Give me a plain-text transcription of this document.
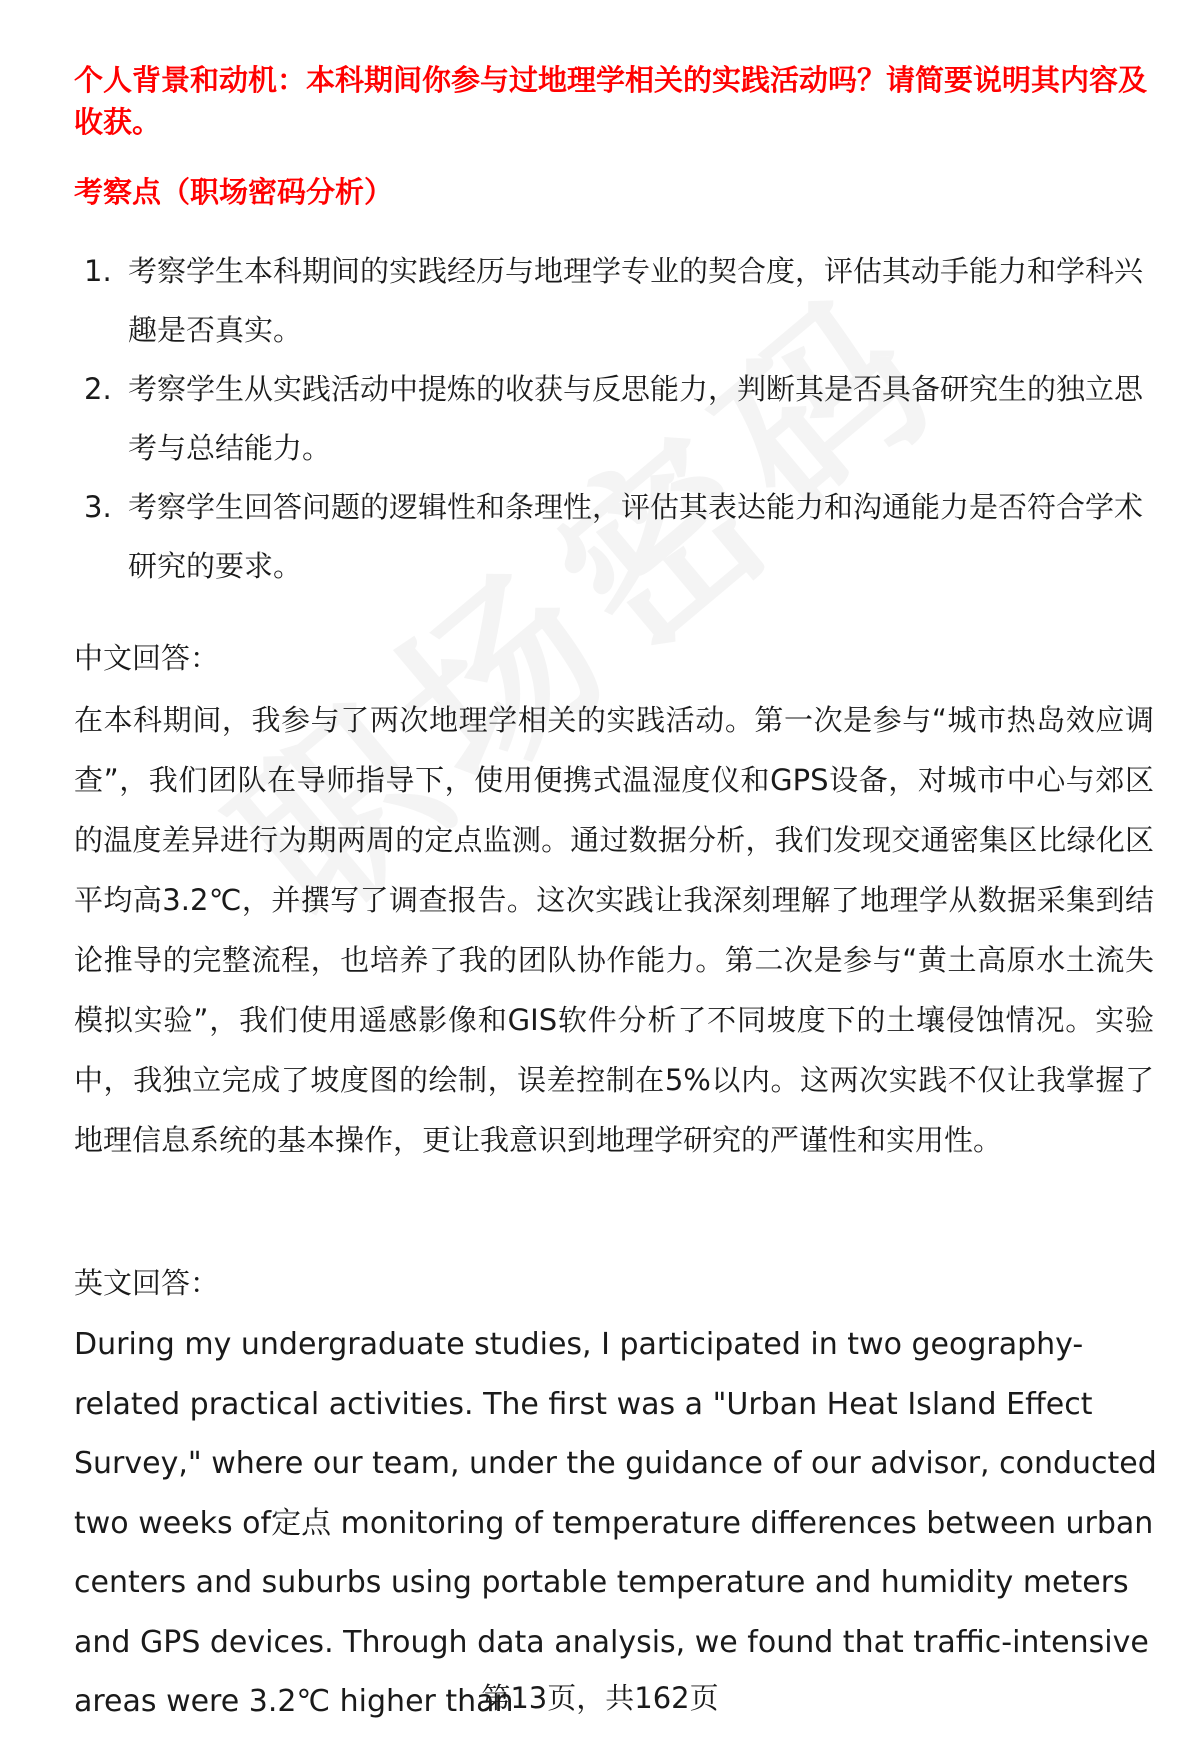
个人背景和动机：本科期间你参与过地理学相关的实践活动吗？请简要说明其内容及收获。

考察点（职场密码分析）

1. 考察学生本科期间的实践经历与地理学专业的契合度，评估其动手能力和学科兴趣是否真实。
2. 考察学生从实践活动中提炼的收获与反思能力，判断其是否具备研究生的独立思考与总结能力。
3. 考察学生回答问题的逻辑性和条理性，评估其表达能力和沟通能力是否符合学术研究的要求。

中文回答：

在本科期间，我参与了两次地理学相关的实践活动。第一次是参与“城市热岛效应调查”，我们团队在导师指导下，使用便携式温湿度仪和GPS设备，对城市中心与郊区的温度差异进行为期两周的定点监测。通过数据分析，我们发现交通密集区比绿化区平均高3.2℃，并撰写了调查报告。这次实践让我深刻理解了地理学从数据采集到结论推导的完整流程，也培养了我的团队协作能力。第二次是参与“黄土高原水土流失模拟实验”，我们使用遥感影像和GIS软件分析了不同坡度下的土壤侵蚀情况。实验中，我独立完成了坡度图的绘制，误差控制在5%以内。这两次实践不仅让我掌握了地理信息系统的基本操作，更让我意识到地理学研究的严谨性和实用性。

英文回答：

During my undergraduate studies, I participated in two geography-related practical activities. The first was a "Urban Heat Island Effect Survey," where our team, under the guidance of our advisor, conducted two weeks of定点 monitoring of temperature differences between urban centers and suburbs using portable temperature and humidity meters and GPS devices. Through data analysis, we found that traffic-intensive areas were 3.2℃ higher than

第13页，共162页
